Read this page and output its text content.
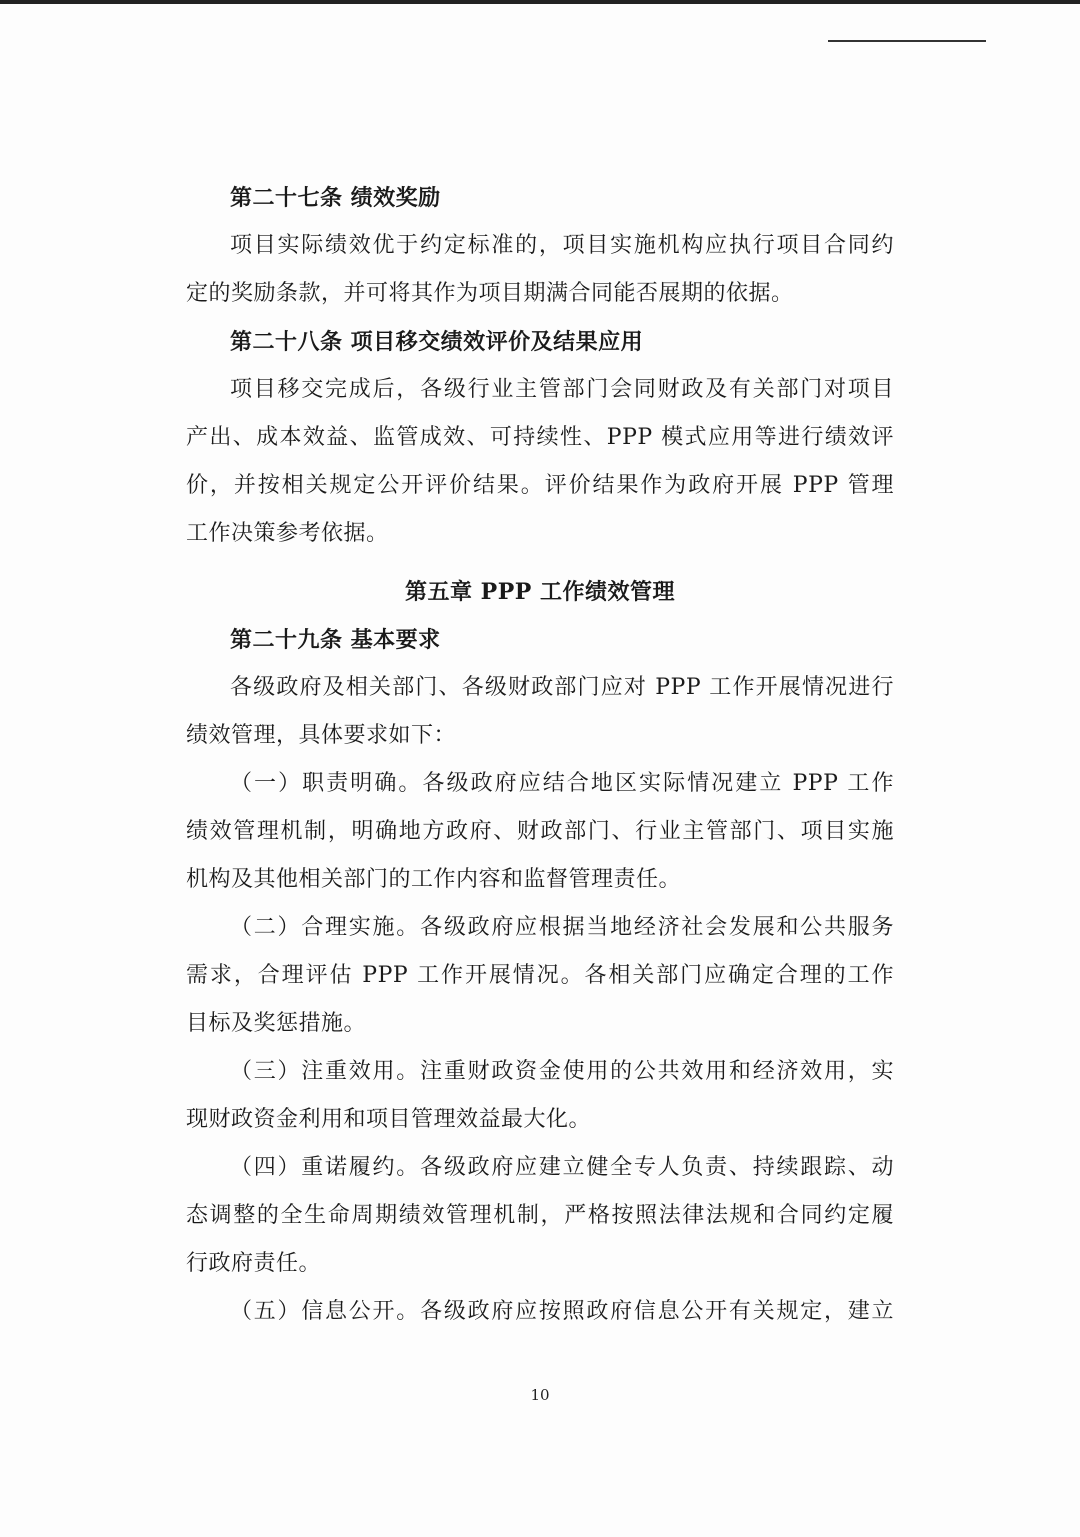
第二十七条 绩效奖励
项目实际绩效优于约定标准的，项目实施机构应执行项目合同约
定的奖励条款，并可将其作为项目期满合同能否展期的依据。
第二十八条 项目移交绩效评价及结果应用
项目移交完成后，各级行业主管部门会同财政及有关部门对项目
产出、成本效益、监管成效、可持续性、PPP 模式应用等进行绩效评
价，并按相关规定公开评价结果。评价结果作为政府开展 PPP 管理
工作决策参考依据。
第五章 PPP 工作绩效管理
第二十九条 基本要求
各级政府及相关部门、各级财政部门应对 PPP 工作开展情况进行
绩效管理，具体要求如下：
（一）职责明确。各级政府应结合地区实际情况建立 PPP 工作
绩效管理机制，明确地方政府、财政部门、行业主管部门、项目实施
机构及其他相关部门的工作内容和监督管理责任。
（二）合理实施。各级政府应根据当地经济社会发展和公共服务
需求，合理评估 PPP 工作开展情况。各相关部门应确定合理的工作
目标及奖惩措施。
（三）注重效用。注重财政资金使用的公共效用和经济效用，实
现财政资金利用和项目管理效益最大化。
（四）重诺履约。各级政府应建立健全专人负责、持续跟踪、动
态调整的全生命周期绩效管理机制，严格按照法律法规和合同约定履
行政府责任。
（五）信息公开。各级政府应按照政府信息公开有关规定，建立
10
